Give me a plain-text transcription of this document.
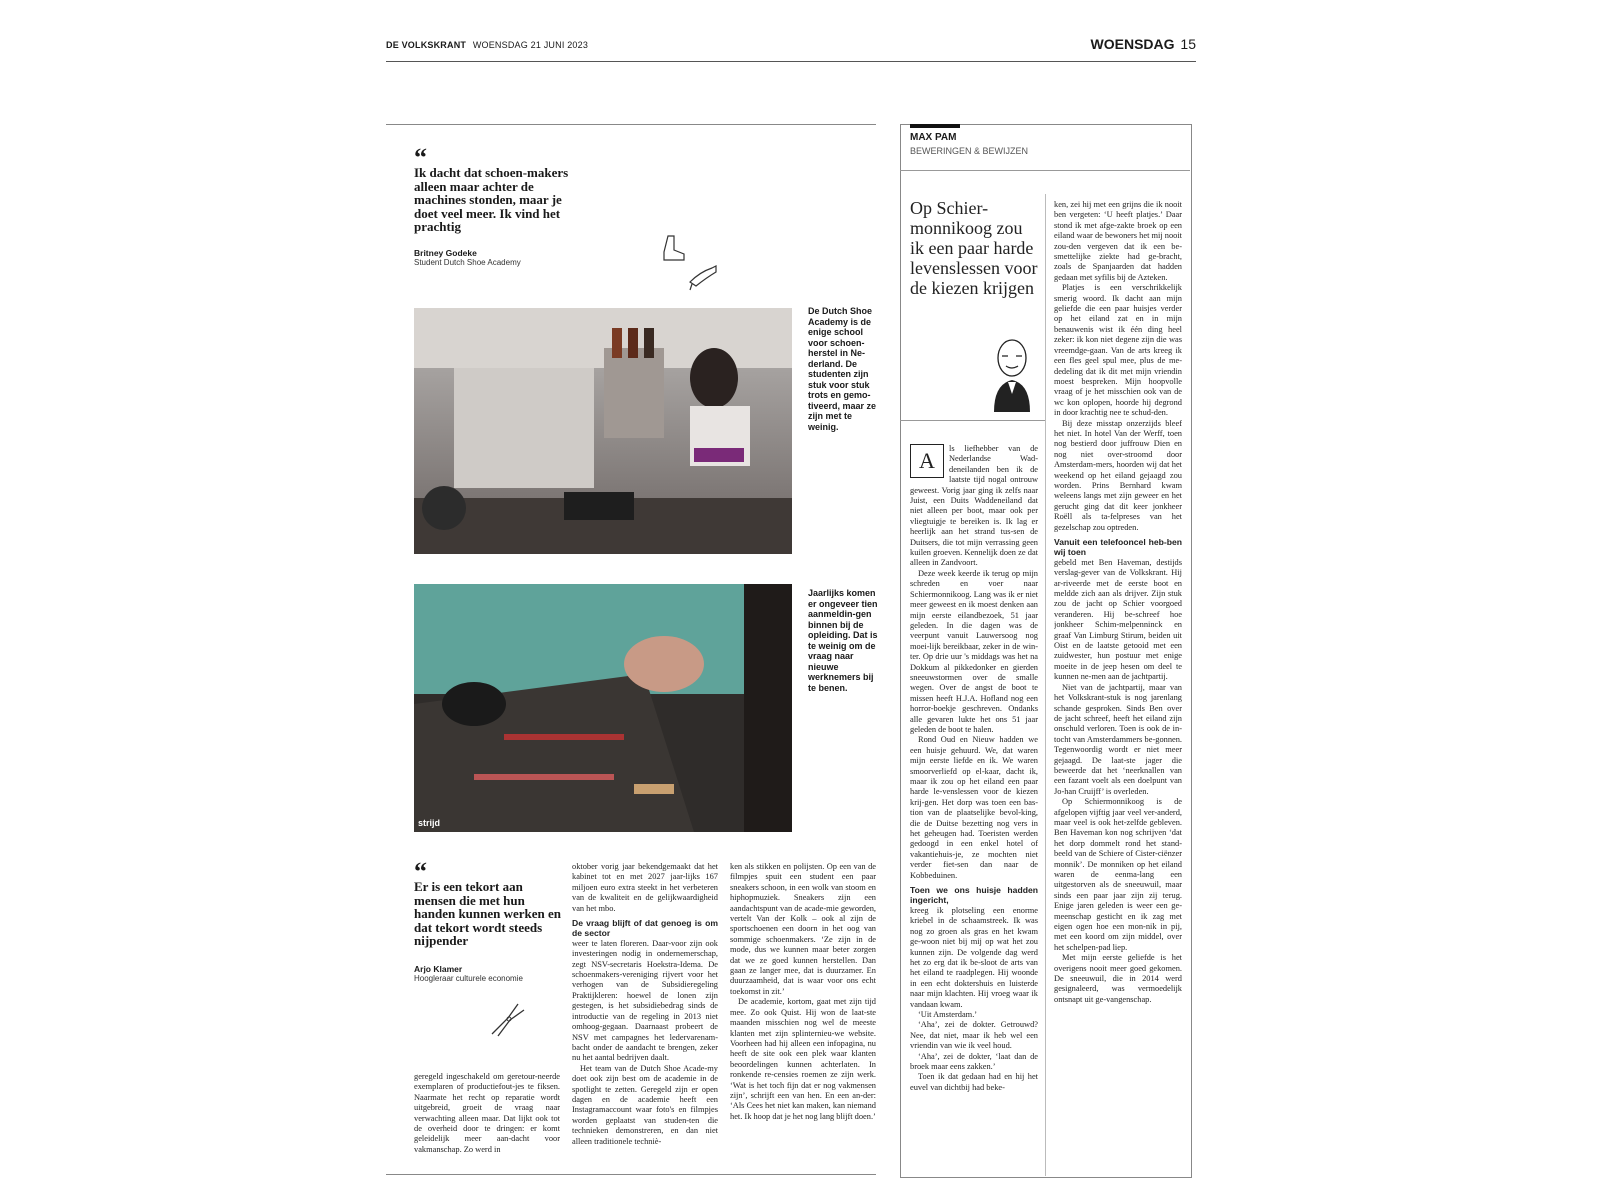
DE VOLKSKRANT WOENSDAG 21 JUNI 2023	WOENSDAG 15
“
Ik dacht dat schoen-makers alleen maar achter de machines stonden, maar je doet veel meer. Ik vind het prachtig
Britney Godeke
Student Dutch Shoe Academy
De Dutch Shoe Academy is de enige school voor schoen-herstel in Ne-derland. De studenten zijn stuk voor stuk trots en gemo-tiveerd, maar ze zijn met te weinig.
strijd
Jaarlijks komen er ongeveer tien aanmeldin-gen binnen bij de opleiding. Dat is te weinig om de vraag naar nieuwe werknemers bij te benen.
“
Er is een tekort aan mensen die met hun handen kunnen werken en dat tekort wordt steeds nijpender
Arjo Klamer
Hoogleraar culturele economie

geregeld ingeschakeld om geretour-neerde exemplaren of productiefout-jes te fiksen. Naarmate het recht op reparatie wordt uitgebreid, groeit de vraag naar verwachting alleen maar. Dat lijkt ook tot de overheid door te dringen: er komt geleidelijk meer aan-dacht voor vakmanschap. Zo werd in

oktober vorig jaar bekendgemaakt dat het kabinet tot en met 2027 jaar-lijks 167 miljoen euro extra steekt in het verbeteren van de kwaliteit en de gelijkwaardigheid van het mbo.

De vraag blijft of dat genoeg is om de sector

weer te laten floreren. Daar-voor zijn ook investeringen nodig in ondernemerschap, zegt NSV-secretaris Hoekstra-Idema. De schoenmakers-vereniging rijvert voor het verhogen van de Subsidieregeling Praktijkleren: hoewel de lonen zijn gestegen, is het subsidiebedrag sinds de introductie van de regeling in 2013 niet omhoog-gegaan. Daarnaast probeert de NSV met campagnes het ledervarenam-bacht onder de aandacht te brengen, zeker nu het aantal bedrijven daalt.

Het team van de Dutch Shoe Acade-my doet ook zijn best om de academie in de spotlight te zetten. Geregeld zijn er open dagen en de academie heeft een Instagramaccount waar foto's en filmpjes worden geplaatst van studen-ten die technieken demonstreren, en dan niet alleen traditionele techniè-

ken als stikken en polijsten. Op een van de filmpjes spuit een student een paar sneakers schoon, in een wolk van stoom en hiphopmuziek. Sneakers zijn een aandachtspunt van de acade-mie geworden, vertelt Van der Kolk – ook al zijn de sportschoenen een doorn in het oog van sommige schoenmakers. ‘Ze zijn in de mode, dus we kunnen maar beter zorgen dat we ze goed kunnen herstellen. Dan gaan ze langer mee, dat is duurzamer. En duurzaamheid, dat is waar voor ons echt toekomst in zit.’

De academie, kortom, gaat met zijn tijd mee. Zo ook Quist. Hij won de laat-ste maanden misschien nog wel de meeste klanten met zijn splinternieu-we website. Voorheen had hij alleen een infopagina, nu heeft de site ook een plek waar klanten beoordelingen kunnen achterlaten. In ronkende re-censies roemen ze zijn werk. ‘Wat is het toch fijn dat er nog vakmensen zijn’, schrijft een van hen. En een an-der: ‘Als Cees het niet kan maken, kan niemand het. Ik hoop dat je het nog lang blijft doen.’

MAX PAM
BEWERINGEN & BEWIJZEN
Op Schier-monnikoog zou ik een paar harde levenslessen voor de kiezen krijgen
A	ls liefhebber van de Nederlandse Wad-deneilanden ben ik de laatste tijd nogal ontrouw geweest. Vorig jaar ging ik zelfs naar Juist, een Duits Waddeneiland dat niet alleen per boot, maar ook per vliegtuigje te bereiken is. Ik lag er heerlijk aan het strand tus-sen de Duitsers, die tot mijn verrassing geen kuilen groeven. Kennelijk doen ze dat alleen in Zandvoort.

Deze week keerde ik terug op mijn schreden en voer naar Schiermonnikoog. Lang was ik er niet meer geweest en ik moest denken aan mijn eerste eilandbezoek, 51 jaar geleden. In die dagen was de veerpunt vanuit Lauwersoog nog moei-lijk bereikbaar, zeker in de win-ter. Op drie uur 's middags was het na Dokkum al pikkedonker en gierden sneeuwstormen over de smalle wegen. Over de angst de boot te missen heeft H.J.A. Hofland nog een horror-boekje geschreven. Ondanks alle gevaren lukte het ons 51 jaar geleden de boot te halen.

Rond Oud en Nieuw hadden we een huisje gehuurd. We, dat waren mijn eerste liefde en ik. We waren smoorverliefd op el-kaar, dacht ik, maar ik zou op het eiland een paar harde le-venslessen voor de kiezen krij-gen. Het dorp was toen een bas-tion van de plaatselijke bevol-king, die de Duitse bezetting nog vers in het geheugen had. Toeristen werden gedoogd in een enkel hotel of vakantiehuis-je, ze mochten niet verder fiet-sen dan naar de Kobbeduinen.

Toen we ons huisje hadden ingericht,

kreeg ik plotseling een enorme kriebel in de schaamstreek. Ik was nog zo groen als gras en het kwam ge-woon niet bij mij op wat het zou kunnen zijn. De volgende dag werd het zo erg dat ik be-sloot de arts van het eiland te raadplegen. Hij woonde in een echt doktershuis en luisterde naar mijn klachten. Hij vroeg waar ik vandaan kwam.

‘Uit Amsterdam.’

‘Aha’, zei de dokter. Getrouwd? Nee, dat niet, maar ik heb wel een vriendin van wie ik veel houd.

‘Aha’, zei de dokter, ‘laat dan de broek maar eens zakken.’

Toen ik dat gedaan had en hij het euvel van dichtbij had beke-

ken, zei hij met een grijns die ik nooit ben vergeten: ‘U heeft platjes.’ Daar stond ik met afge-zakte broek op een eiland waar de bewoners het mij nooit zou-den vergeven dat ik een be-smettelijke ziekte had ge-bracht, zoals de Spanjaarden dat hadden gedaan met syfilis bij de Azteken.

Platjes is een verschrikkelijk smerig woord. Ik dacht aan mijn geliefde die een paar huisjes verder op het eiland zat en in mijn benauwenis wist ik één ding heel zeker: ik kon niet degene zijn die was vreemdge-gaan. Van de arts kreeg ik een fles geel spul mee, plus de me-dedeling dat ik dit met mijn vriendin moest bespreken. Mijn hoopvolle vraag of je het misschien ook van de wc kon oplopen, hoorde hij degrond in door krachtig nee te schud-den.

Bij deze misstap onzerzijds bleef het niet. In hotel Van der Werff, toen nog bestierd door juffrouw Dien en nog niet over-stroomd door Amsterdam-mers, hoorden wij dat het weekend op het eiland gejaagd zou worden. Prins Bernhard kwam weleens langs met zijn geweer en het gerucht ging dat dit keer jonkheer Roëll als ta-felpreses van het gezelschap zou optreden.

Vanuit een telefooncel heb-ben wij toen

gebeld met Ben Haveman, destijds verslag-gever van de Volkskrant. Hij ar-riveerde met de eerste boot en meldde zich aan als drijver. Zijn stuk zou de jacht op Schier voorgoed veranderen. Hij be-schreef hoe jonkheer Schim-melpenninck en graaf Van Limburg Stirum, beiden uit Oist en de laatste getooid met een zuidwester, hun postuur met enige moeite in de jeep hesen om deel te kunnen ne-men aan de jachtpartij.

Niet van de jachtpartij, maar van het Volkskrant-stuk is nog jarenlang schande gesproken. Sinds Ben over de jacht schreef, heeft het eiland zijn onschuld verloren. Toen is ook de in-tocht van Amsterdammers be-gonnen. Tegenwoordig wordt er niet meer gejaagd. De laat-ste jager die beweerde dat het ‘neerknallen van een fazant voelt als een doelpunt van Jo-han Cruijff’ is overleden.

Op Schiermonnikoog is de afgelopen vijftig jaar veel ver-anderd, maar veel is ook het-zelfde gebleven. Ben Haveman kon nog schrijven ‘dat het dorp dommelt rond het stand-beeld van de Schiere of Cister-ciënzer monnik’. De monniken op het eiland waren de eenma-lang een uitgestorven als de sneeuwuil, maar sinds een paar jaar zijn zij terug. Enige jaren geleden is weer een ge-meenschap gesticht en ik zag met eigen ogen hoe een mon-nik in pij, met een koord om zijn middel, over het schelpen-pad liep.

Met mijn eerste geliefde is het overigens nooit meer goed gekomen. De sneeuwuil, die in 2014 werd gesignaleerd, was vermoedelijk ontsnapt uit ge-vangenschap.
